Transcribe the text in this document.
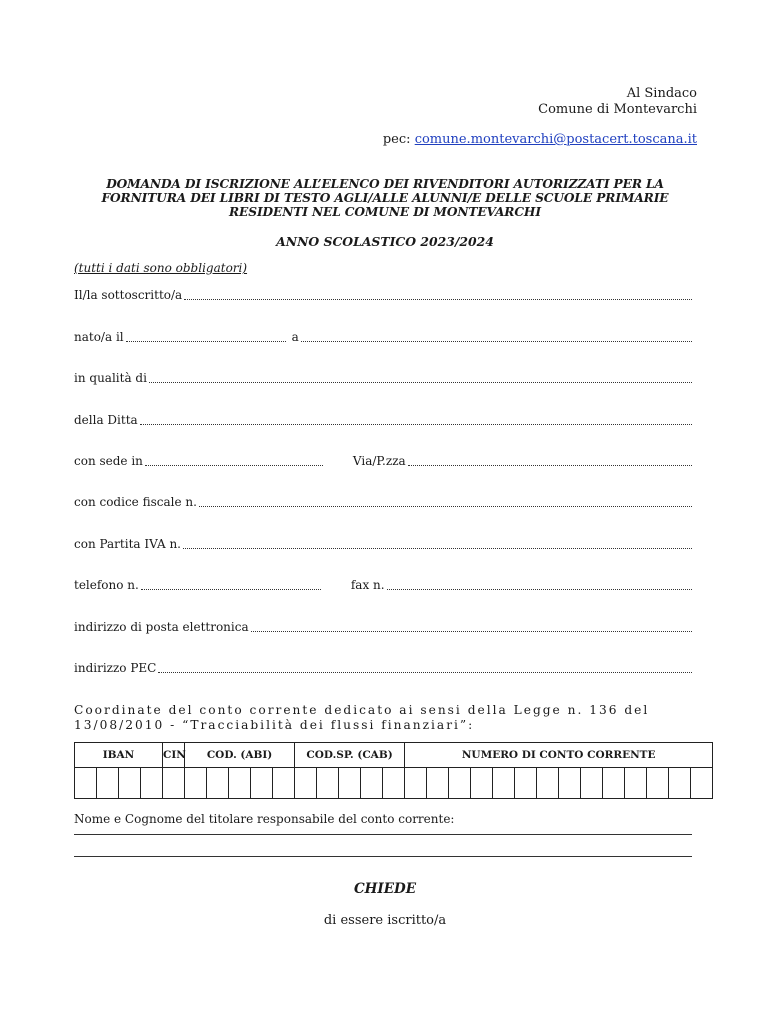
Al Sindaco
Comune di Montevarchi
pec: comune.montevarchi@postacert.toscana.it
DOMANDA DI ISCRIZIONE ALL’ELENCO DEI RIVENDITORI AUTORIZZATI PER LA
FORNITURA DEI LIBRI DI TESTO AGLI/ALLE ALUNNI/E DELLE SCUOLE PRIMARIE
RESIDENTI NEL COMUNE DI MONTEVARCHI
ANNO SCOLASTICO 2023/2024
(tutti i dati sono obbligatori)
Il/la sottoscritto/a
nato/a il	a
in qualità di
della Ditta
con sede in	Via/P.zza
con codice fiscale n.
con Partita IVA n.
telefono n.	fax n.
indirizzo di posta elettronica
indirizzo PEC
Coordinate del conto corrente dedicato ai sensi della Legge n. 136 del 13/08/2010 - “Tracciabilità dei flussi finanziari”:
IBAN				CIN	COD. (ABI)					COD.SP. (CAB)					NUMERO DI CONTO CORRENTE													

Nome e Cognome del titolare responsabile del conto corrente:
CHIEDE
di essere iscritto/a
